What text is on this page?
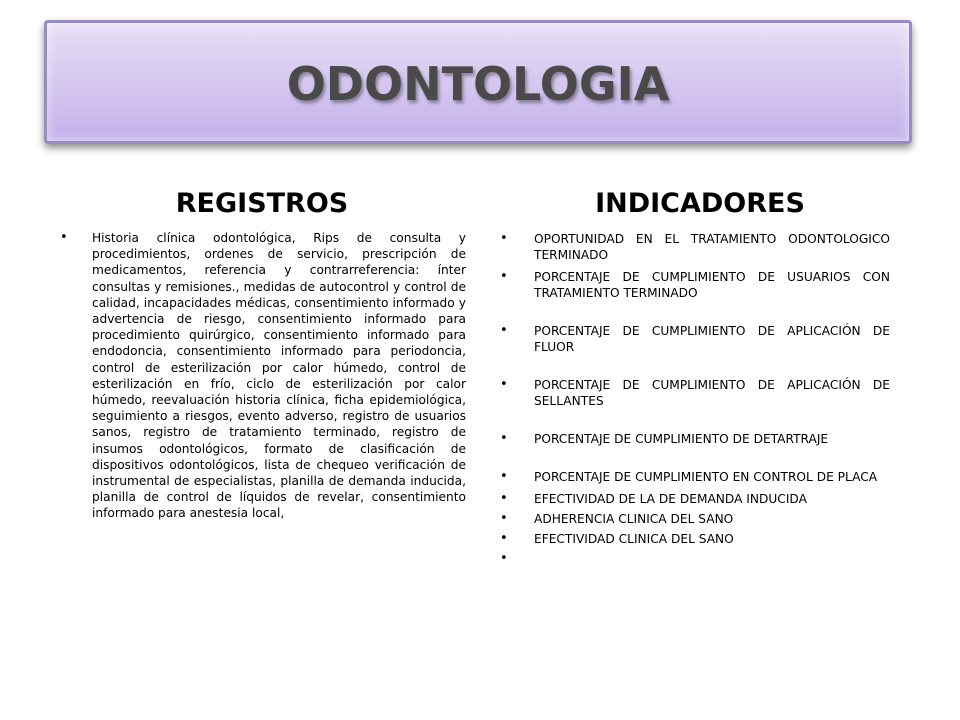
ODONTOLOGIA
REGISTROS	INDICADORES
• Historia clínica odontológica, Rips de consulta y procedimientos, ordenes de servicio, prescripción de medicamentos, referencia y contrarreferencia: ínter consultas y remisiones., medidas de autocontrol y control de calidad, incapacidades médicas, consentimiento informado y advertencia de riesgo, consentimiento informado para procedimiento quirúrgico, consentimiento informado para endodoncia, consentimiento informado para periodoncia, control de esterilización por calor húmedo, control de esterilización en frío, ciclo de esterilización por calor húmedo, reevaluación historia clínica, ficha epidemiológica, seguimiento a riesgos, evento adverso, registro de usuarios sanos, registro de tratamiento terminado, registro de insumos odontológicos, formato de clasificación de dispositivos odontológicos, lista de chequeo verificación de instrumental de especialistas, planilla de demanda inducida, planilla de control de líquidos de revelar, consentimiento informado para anestesia local,

• OPORTUNIDAD EN EL TRATAMIENTO ODONTOLOGICO TERMINADO
• PORCENTAJE DE CUMPLIMIENTO DE USUARIOS CON TRATAMIENTO TERMINADO
• PORCENTAJE DE CUMPLIMIENTO DE APLICACIÓN DE FLUOR
• PORCENTAJE DE CUMPLIMIENTO DE APLICACIÓN DE SELLANTES
• PORCENTAJE DE CUMPLIMIENTO DE DETARTRAJE
• PORCENTAJE DE CUMPLIMIENTO EN CONTROL DE PLACA
• EFECTIVIDAD DE LA DE DEMANDA INDUCIDA
• ADHERENCIA CLINICA DEL SANO
• EFECTIVIDAD CLINICA DEL SANO
•
